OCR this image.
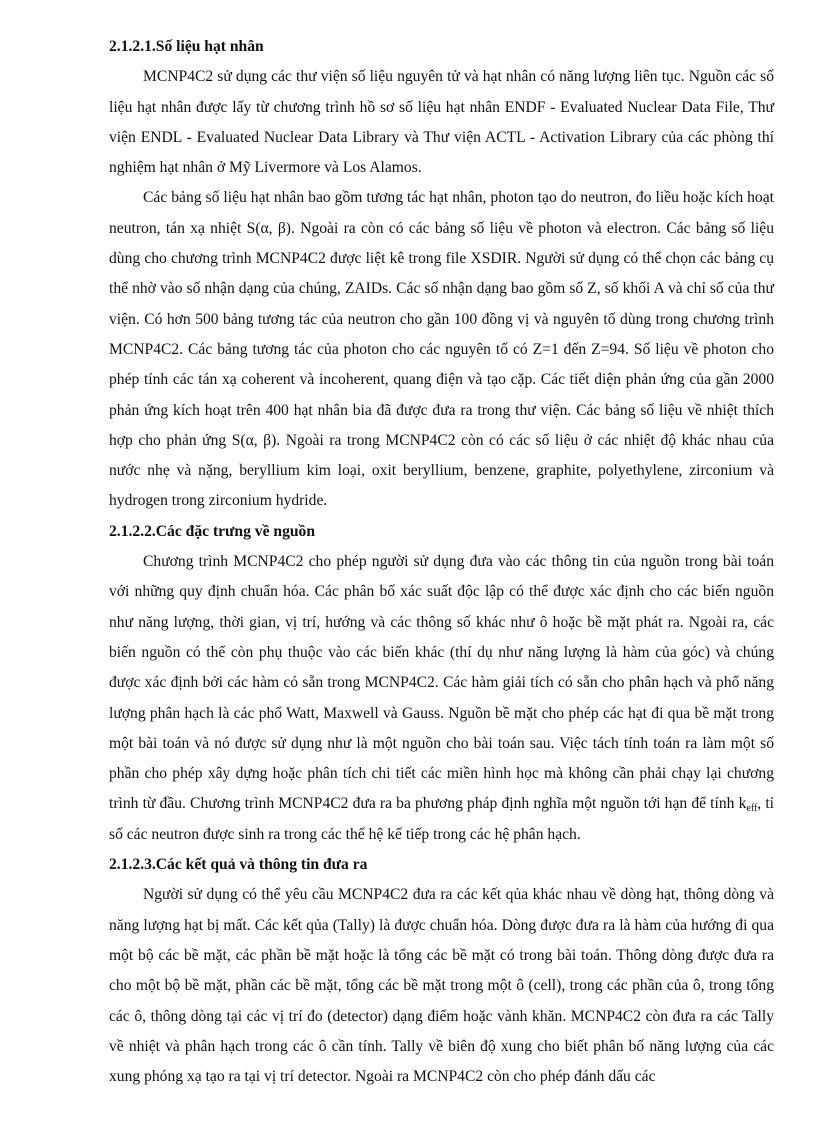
2.1.2.1.Số liệu hạt nhân

MCNP4C2 sử dụng các thư viện số liệu nguyên tử và hạt nhân có năng lượng liên tục. Nguồn các số liệu hạt nhân được lấy từ chương trình hồ sơ số liệu hạt nhân ENDF - Evaluated Nuclear Data File, Thư viện ENDL - Evaluated Nuclear Data Library và Thư viện ACTL - Activation Library của các phòng thí nghiệm hạt nhân ở Mỹ Livermore và Los Alamos.

Các bảng số liệu hạt nhân bao gồm tương tác hạt nhân, photon tạo do neutron, đo liều hoặc kích hoạt neutron, tán xạ nhiệt S(α, β). Ngoài ra còn có các bảng số liệu về photon và electron. Các bảng số liệu dùng cho chương trình MCNP4C2 được liệt kê trong file XSDIR. Người sử dụng có thể chọn các bảng cụ thể nhờ vào số nhận dạng của chúng, ZAIDs. Các số nhận dạng bao gồm số Z, số khối A và chỉ số của thư viện. Có hơn 500 bảng tương tác của neutron cho gần 100 đồng vị và nguyên tố dùng trong chương trình MCNP4C2. Các bảng tương tác của photon cho các nguyên tố có Z=1 đến Z=94. Số liệu về photon cho phép tính các tán xạ coherent và incoherent, quang điện và tạo cặp. Các tiết diện phản ứng của gần 2000 phản ứng kích hoạt trên 400 hạt nhân bia đã được đưa ra trong thư viện. Các bảng số liệu về nhiệt thích hợp cho phản ứng S(α, β). Ngoài ra trong MCNP4C2 còn có các số liệu ở các nhiệt độ khác nhau của nước nhẹ và nặng, beryllium kim loại, oxit beryllium, benzene, graphite, polyethylene, zirconium và hydrogen trong zirconium hydride.

2.1.2.2.Các đặc trưng về nguồn

Chương trình MCNP4C2 cho phép người sử dụng đưa vào các thông tin của nguồn trong bài toán với những quy định chuẩn hóa. Các phân bố xác suất độc lập có thể được xác định cho các biến nguồn như năng lượng, thời gian, vị trí, hướng và các thông số khác như ô hoặc bề mặt phát ra. Ngoài ra, các biến nguồn có thể còn phụ thuộc vào các biến khác (thí dụ như năng lượng là hàm của góc) và chúng được xác định bởi các hàm có sẵn trong MCNP4C2. Các hàm giải tích có sẵn cho phân hạch và phổ năng lượng phân hạch là các phổ Watt, Maxwell và Gauss. Nguồn bề mặt cho phép các hạt đi qua bề mặt trong một bài toán và nó được sử dụng như là một nguồn cho bài toán sau. Việc tách tính toán ra làm một số phần cho phép xây dựng hoặc phân tích chi tiết các miền hình học mà không cần phải chạy lại chương trình từ đầu. Chương trình MCNP4C2 đưa ra ba phương pháp định nghĩa một nguồn tới hạn để tính $k_{eff}$, tỉ số các neutron được sinh ra trong các thế hệ kế tiếp trong các hệ phân hạch.

2.1.2.3.Các kết quả và thông tin đưa ra

Người sử dụng có thể yêu cầu MCNP4C2 đưa ra các kết qủa khác nhau về dòng hạt, thông dòng và năng lượng hạt bị mất. Các kết qủa (Tally) là được chuẩn hóa. Dòng được đưa ra là hàm của hướng đi qua một bộ các bề mặt, các phần bề mặt hoặc là tổng các bề mặt có trong bài toán. Thông dòng được đưa ra cho một bộ bề mặt, phần các bề mặt, tổng các bề mặt trong một ô (cell), trong các phần của ô, trong tổng các ô, thông dòng tại các vị trí đo (detector) dạng điểm hoặc vành khăn. MCNP4C2 còn đưa ra các Tally về nhiệt và phân hạch trong các ô cần tính. Tally về biên độ xung cho biết phân bố năng lượng của các xung phóng xạ tạo ra tại vị trí detector. Ngoài ra MCNP4C2 còn cho phép đánh dấu các
